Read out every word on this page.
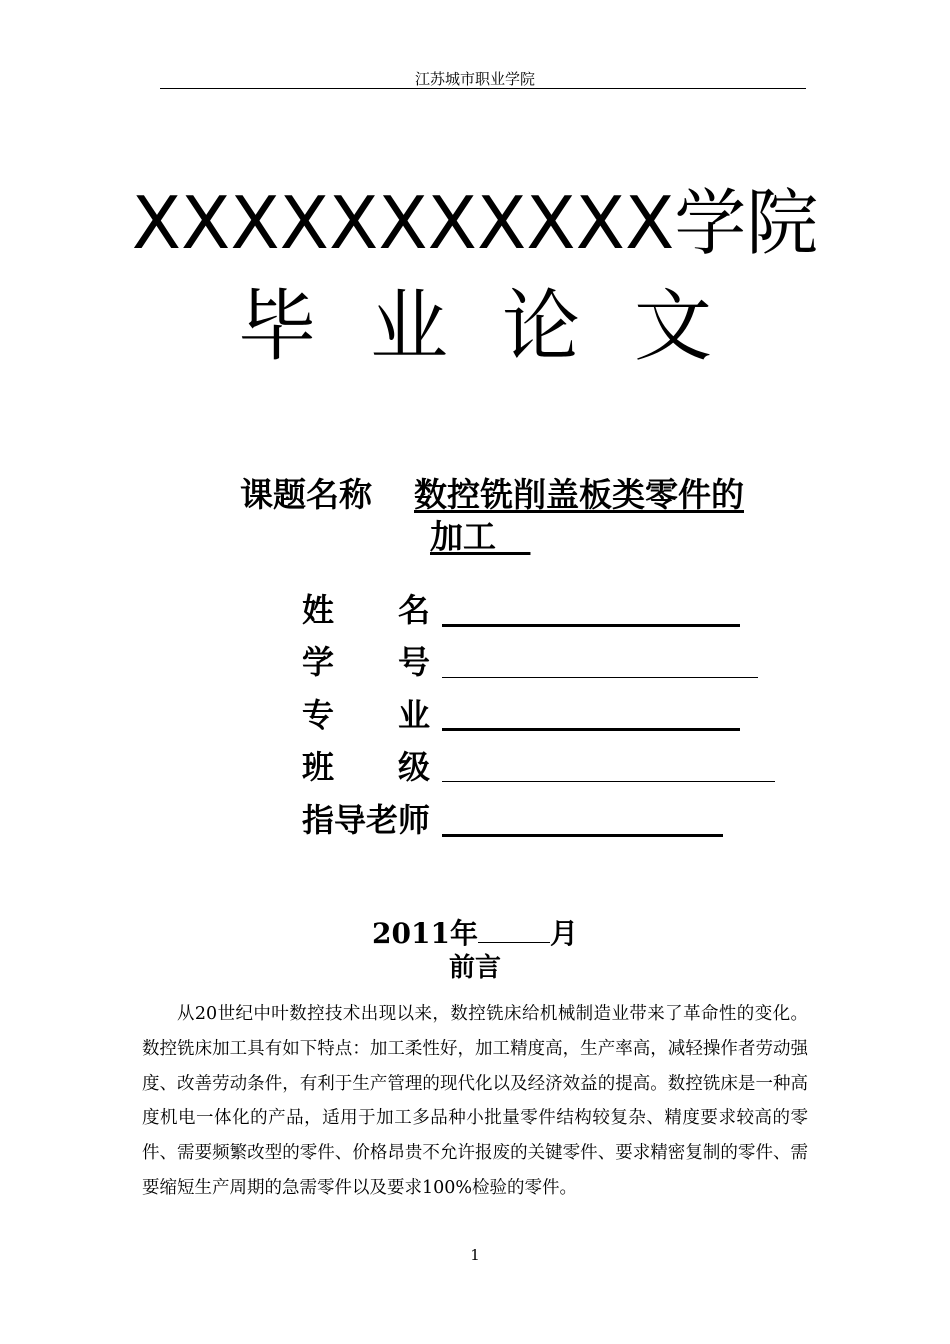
江苏城市职业学院
XXXXXXXXXXX学院
毕业论文
课题名称 数控铣削盖板类零件的
加工
姓　　名
学　　号
专　　业
班　　级
指导老师
2011年	月
前言

从20世纪中叶数控技术出现以来，数控铣床给机械制造业带来了革命性的变化。数控铣床加工具有如下特点：加工柔性好，加工精度高，生产率高，减轻操作者劳动强度、改善劳动条件，有利于生产管理的现代化以及经济效益的提高。数控铣床是一种高度机电一体化的产品，适用于加工多品种小批量零件结构较复杂、精度要求较高的零件、需要频繁改型的零件、价格昂贵不允许报废的关键零件、要求精密复制的零件、需要缩短生产周期的急需零件以及要求100%检验的零件。

1
